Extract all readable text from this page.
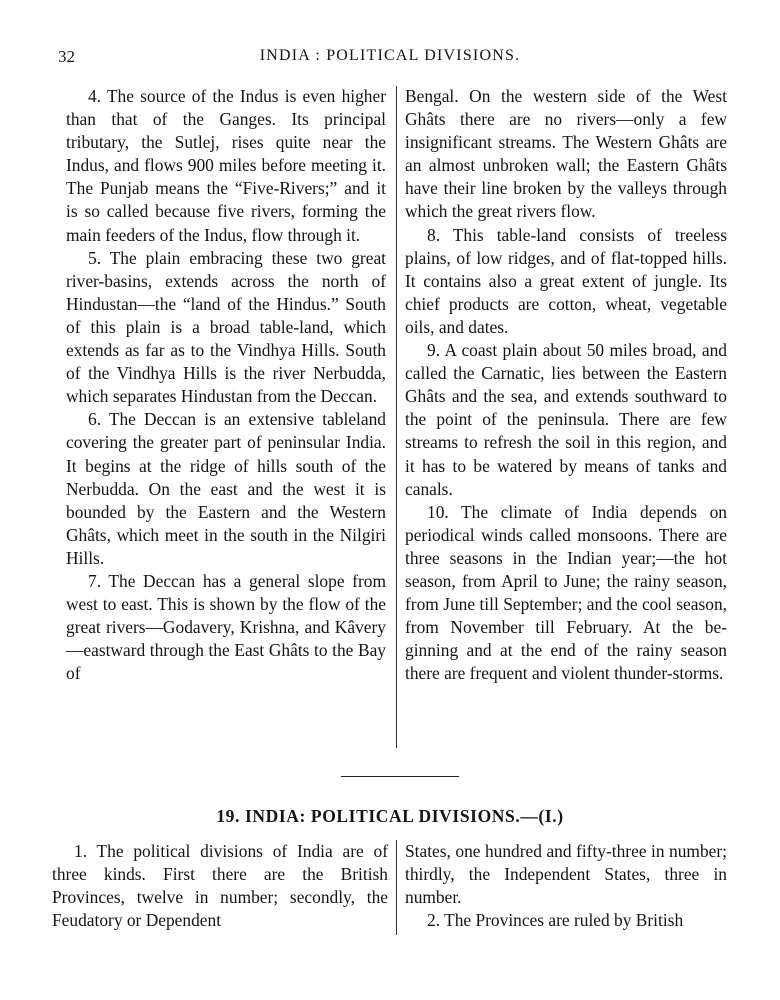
32	INDIA : POLITICAL DIVISIONS.

4. The source of the Indus is even higher than that of the Ganges. Its principal tributary, the Sutlej, rises quite near the Indus, and flows 900 miles before meeting it. The Punjab means the “Five-Rivers;” and it is so called because five rivers, forming the main feeders of the Indus, flow through it.

5. The plain embracing these two great river-basins, extends across the north of Hindustan—the “land of the Hindus.” South of this plain is a broad table-land, which extends as far as to the Vindhya Hills. South of the Vindhya Hills is the river Nerbudda, which separates Hindustan from the Deccan.

6. The Deccan is an extensive tableland covering the greater part of peninsular India. It begins at the ridge of hills south of the Nerbudda. On the east and the west it is bounded by the Eastern and the Western Ghâts, which meet in the south in the Nilgiri Hills.

7. The Deccan has a general slope from west to east. This is shown by the flow of the great rivers—Godavery, Krishna, and Kâvery—eastward through the East Ghâts to the Bay of

Bengal. On the western side of the West Ghâts there are no rivers—only a few insignificant streams. The Western Ghâts are an almost unbroken wall; the Eastern Ghâts have their line broken by the valleys through which the great rivers flow.

8. This table-land consists of treeless plains, of low ridges, and of flat-topped hills. It contains also a great extent of jungle. Its chief products are cotton, wheat, vegetable oils, and dates.

9. A coast plain about 50 miles broad, and called the Carnatic, lies between the Eastern Ghâts and the sea, and extends southward to the point of the peninsula. There are few streams to refresh the soil in this region, and it has to be watered by means of tanks and canals.

10. The climate of India depends on periodical winds called monsoons. There are three seasons in the Indian year;—the hot season, from April to June; the rainy season, from June till September; and the cool season, from November till February. At the beginning and at the end of the rainy season there are frequent and violent thunder-storms.

19. INDIA: POLITICAL DIVISIONS.—(I.)

1. The political divisions of India are of three kinds. First there are the British Provinces, twelve in number; secondly, the Feudatory or Dependent

States, one hundred and fifty-three in number; thirdly, the Independent States, three in number.

2. The Provinces are ruled by British
